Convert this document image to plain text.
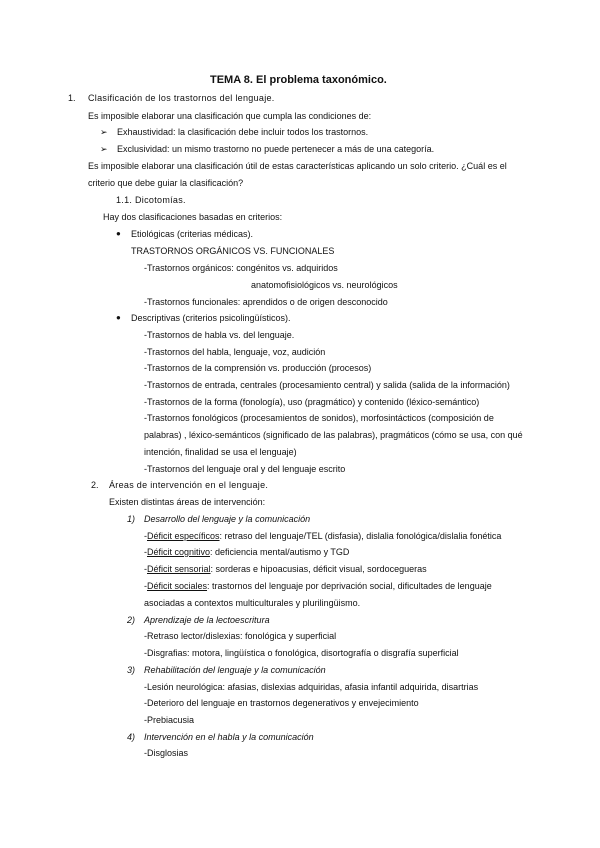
TEMA 8. El problema taxonómico.
1. Clasificación de los trastornos del lenguaje.
Es imposible elaborar una clasificación que cumpla las condiciones de:
➢ Exhaustividad: la clasificación debe incluir todos los trastornos.
➢ Exclusividad: un mismo trastorno no puede pertenecer a más de una categoría.
Es imposible elaborar una clasificación útil de estas características aplicando un solo criterio. ¿Cuál es el
criterio que debe guiar la clasificación?
1.1. Dicotomías.
Hay dos clasificaciones basadas en criterios:
● Etiológicas (criterias médicas).
TRASTORNOS ORGÁNICOS VS. FUNCIONALES
-Trastornos orgánicos: congénitos vs. adquiridos
anatomofisiológicos vs. neurológicos
-Trastornos funcionales: aprendidos o de origen desconocido
● Descriptivas (criterios psicolingüísticos).
-Trastornos de habla vs. del lenguaje.
-Trastornos del habla, lenguaje, voz, audición
-Trastornos de la comprensión vs. producción (procesos)
-Trastornos de entrada, centrales (procesamiento central) y salida (salida de la información)
-Trastornos de la forma (fonología), uso (pragmático) y contenido (léxico-semántico)
-Trastornos fonológicos (procesamientos de sonidos), morfosintácticos (composición de
palabras) , léxico-semánticos (significado de las palabras), pragmáticos (cómo se usa, con qué
intención, finalidad se usa el lenguaje)
-Trastornos del lenguaje oral y del lenguaje escrito
2. Áreas de intervención en el lenguaje.
Existen distintas áreas de intervención:
1) Desarrollo del lenguaje y la comunicación
-Déficit específicos: retraso del lenguaje/TEL (disfasia), dislalia fonológica/dislalia fonética
-Déficit cognitivo: deficiencia mental/autismo y TGD
-Déficit sensorial: sorderas e hipoacusias, déficit visual, sordocegueras
-Déficit sociales: trastornos del lenguaje por deprivación social, dificultades de lenguaje
asociadas a contextos multiculturales y plurilingüismo.
2) Aprendizaje de la lectoescritura
-Retraso lector/dislexias: fonológica y superficial
-Disgrafias: motora, lingüística o fonológica, disortografía o disgrafía superficial
3) Rehabilitación del lenguaje y la comunicación
-Lesión neurológica: afasias, dislexias adquiridas, afasia infantil adquirida, disartrias
-Deterioro del lenguaje en trastornos degenerativos y envejecimiento
-Prebiacusia
4) Intervención en el habla y la comunicación
-Disglosias
